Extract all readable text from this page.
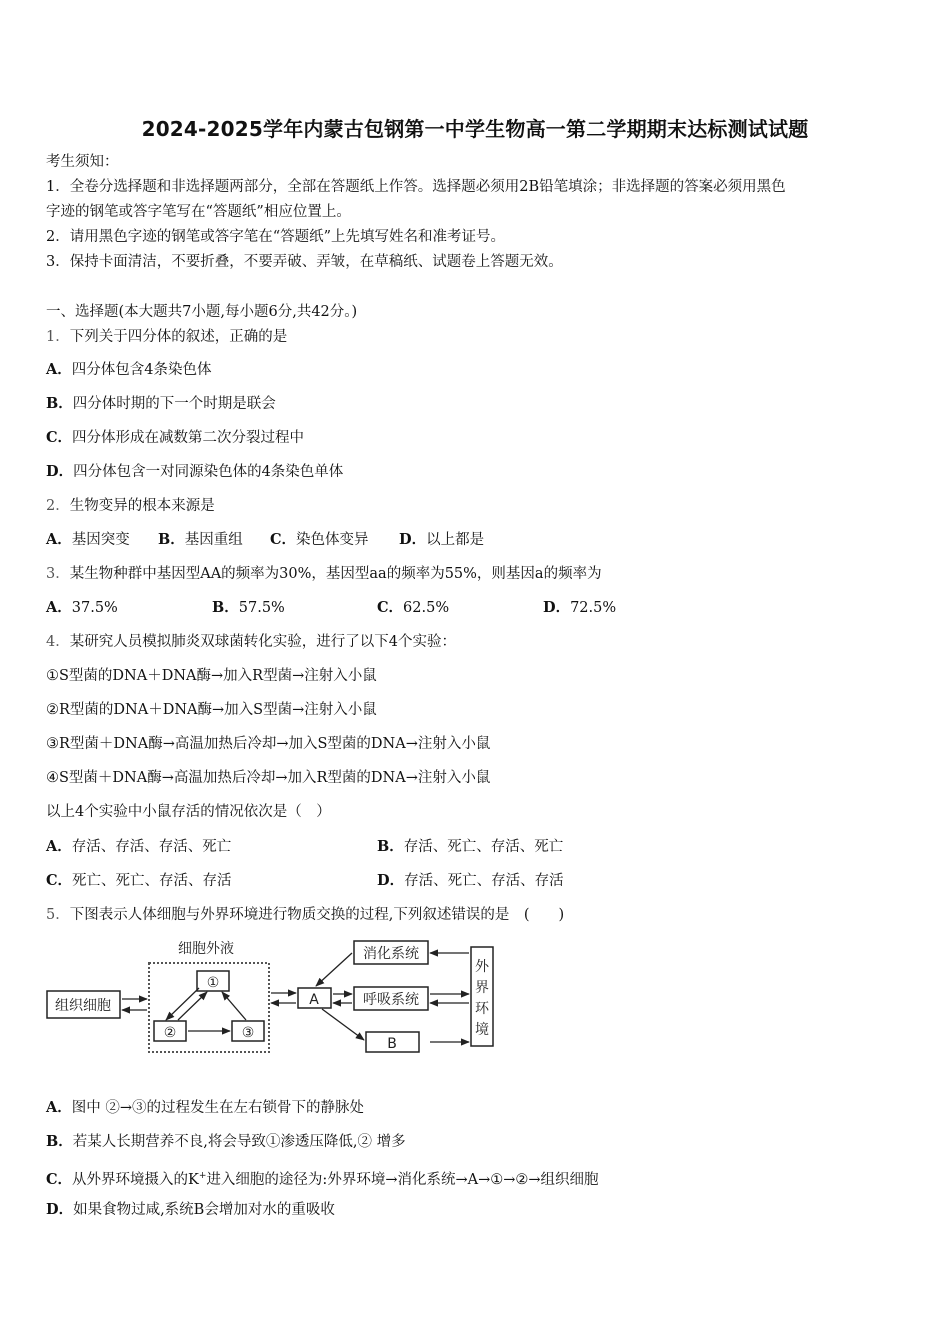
2024-2025学年内蒙古包钢第一中学生物高一第二学期期末达标测试试题
考生须知：
1．全卷分选择题和非选择题两部分，全部在答题纸上作答。选择题必须用2B铅笔填涂；非选择题的答案必须用黑色
字迹的钢笔或答字笔写在“答题纸”相应位置上。
2．请用黑色字迹的钢笔或答字笔在“答题纸”上先填写姓名和准考证号。
3．保持卡面清洁，不要折叠，不要弄破、弄皱，在草稿纸、试题卷上答题无效。
一、选择题(本大题共7小题,每小题6分,共42分。)
1．下列关于四分体的叙述，正确的是
A．四分体包含4条染色体
B．四分体时期的下一个时期是联会
C．四分体形成在减数第二次分裂过程中
D．四分体包含一对同源染色体的4条染色单体
2．生物变异的根本来源是
A．基因突变 B．基因重组 C．染色体变异 D．以上都是
3．某生物种群中基因型AA的频率为30%，基因型aa的频率为55%，则基因a的频率为
A．37.5%	B．57.5%	C．62.5%	D．72.5%
4．某研究人员模拟肺炎双球菌转化实验，进行了以下4个实验：
①S型菌的DNA＋DNA酶→加入R型菌→注射入小鼠
②R型菌的DNA＋DNA酶→加入S型菌→注射入小鼠
③R型菌＋DNA酶→高温加热后冷却→加入S型菌的DNA→注射入小鼠
④S型菌＋DNA酶→高温加热后冷却→加入R型菌的DNA→注射入小鼠
以上4个实验中小鼠存活的情况依次是（　）
A．存活、存活、存活、死亡	B．存活、死亡、存活、死亡
C．死亡、死亡、存活、存活	D．存活、死亡、存活、存活
5．下图表示人体细胞与外界环境进行物质交换的过程,下列叙述错误的是　(　　)
细胞外液
组织细胞
①
②	③
A
消化系统
呼吸系统
B
外
界
环
境
A．图中 ②→③的过程发生在左右锁骨下的静脉处
B．若某人长期营养不良,将会导致①渗透压降低,② 增多
C．从外界环境摄入的K+进入细胞的途径为:外界环境→消化系统→A→①→②→组织细胞
D．如果食物过咸,系统B会增加对水的重吸收
